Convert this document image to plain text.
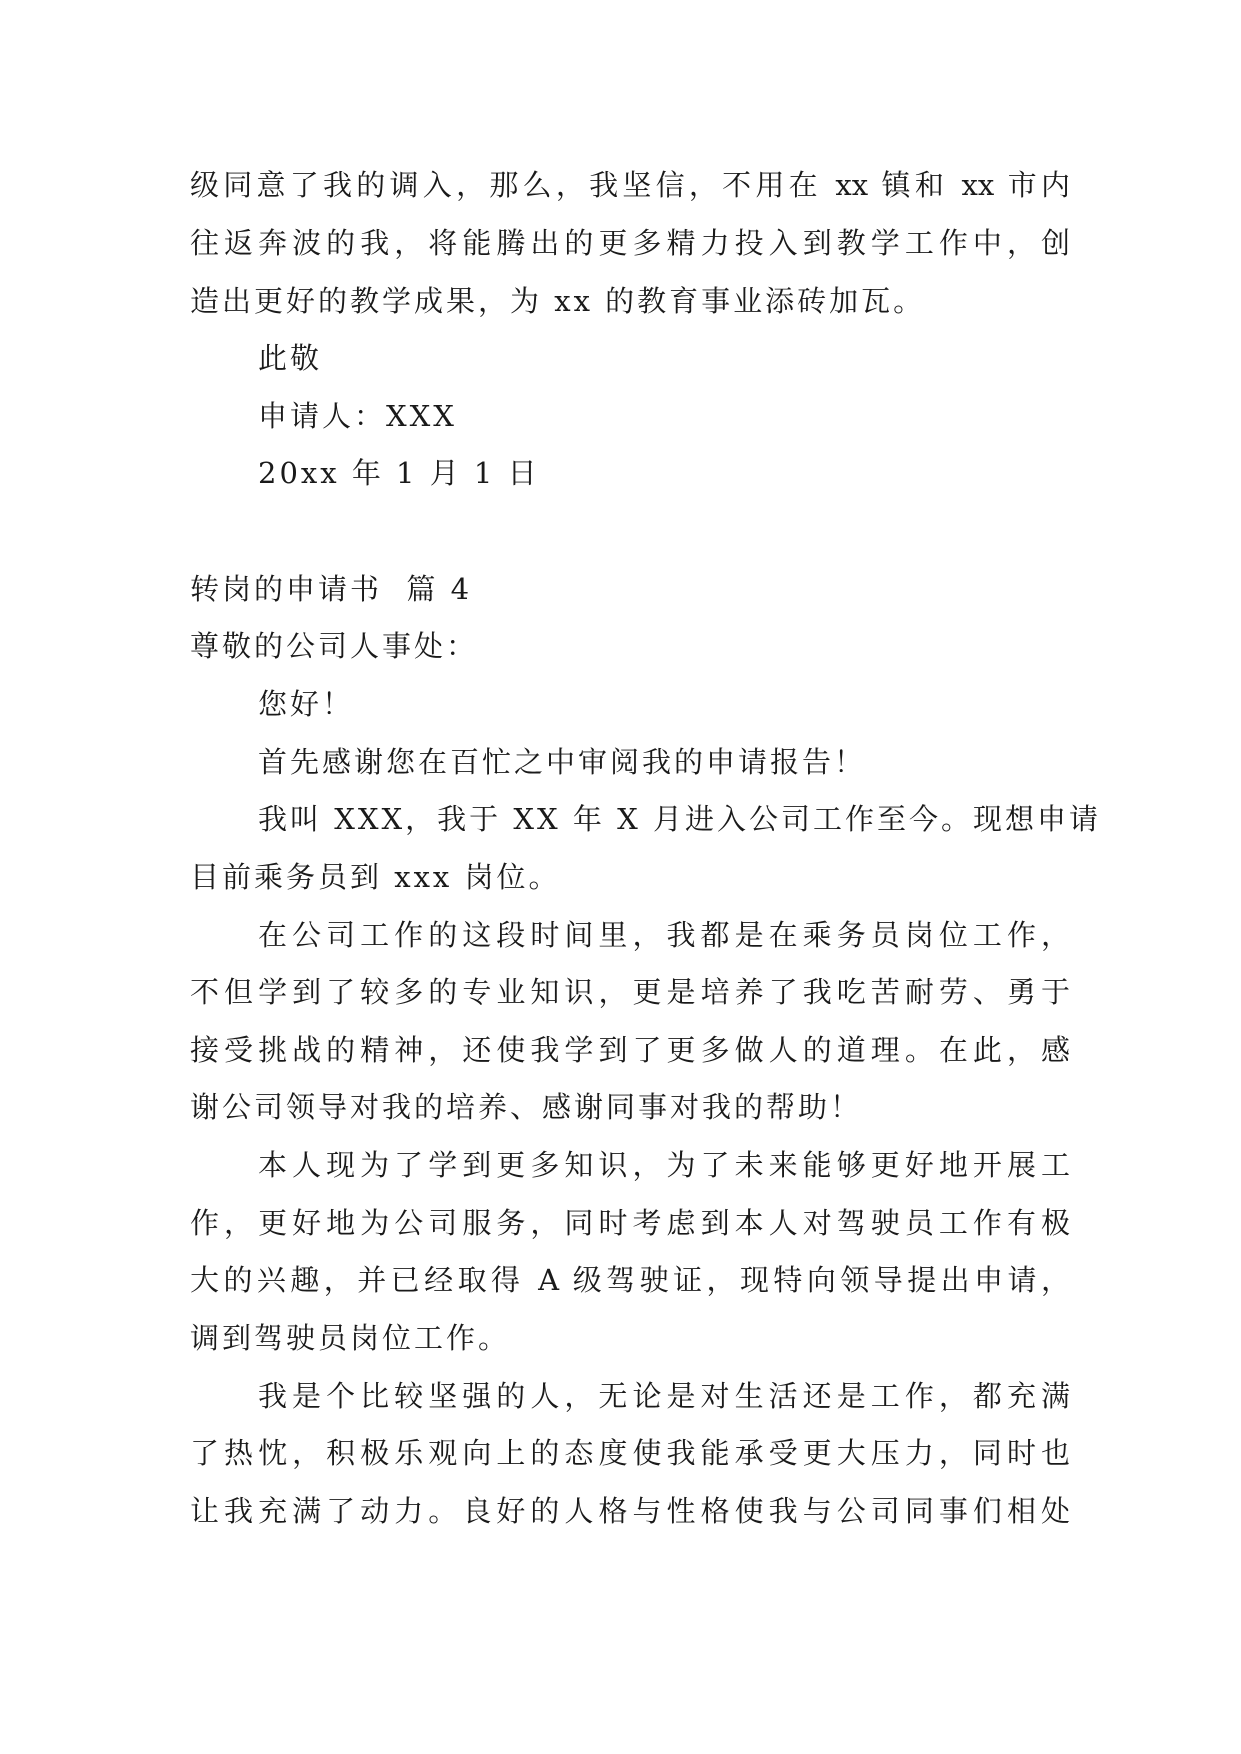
级同意了我的调入，那么，我坚信，不用在 xx 镇和 xx 市内
往返奔波的我，将能腾出的更多精力投入到教学工作中，创
造出更好的教学成果，为 xx 的教育事业添砖加瓦。
此敬
申请人：XXX
20xx 年 1 月 1 日
转岗的申请书  篇 4
尊敬的公司人事处：
您好！
首先感谢您在百忙之中审阅我的申请报告！
我叫 XXX，我于 XX 年 X 月进入公司工作至今。现想申请
目前乘务员到 xxx 岗位。
在公司工作的这段时间里，我都是在乘务员岗位工作，
不但学到了较多的专业知识，更是培养了我吃苦耐劳、勇于
接受挑战的精神，还使我学到了更多做人的道理。在此，感
谢公司领导对我的培养、感谢同事对我的帮助！
本人现为了学到更多知识，为了未来能够更好地开展工
作，更好地为公司服务，同时考虑到本人对驾驶员工作有极
大的兴趣，并已经取得 A 级驾驶证，现特向领导提出申请，
调到驾驶员岗位工作。
我是个比较坚强的人，无论是对生活还是工作，都充满
了热忱，积极乐观向上的态度使我能承受更大压力，同时也
让我充满了动力。良好的人格与性格使我与公司同事们相处
